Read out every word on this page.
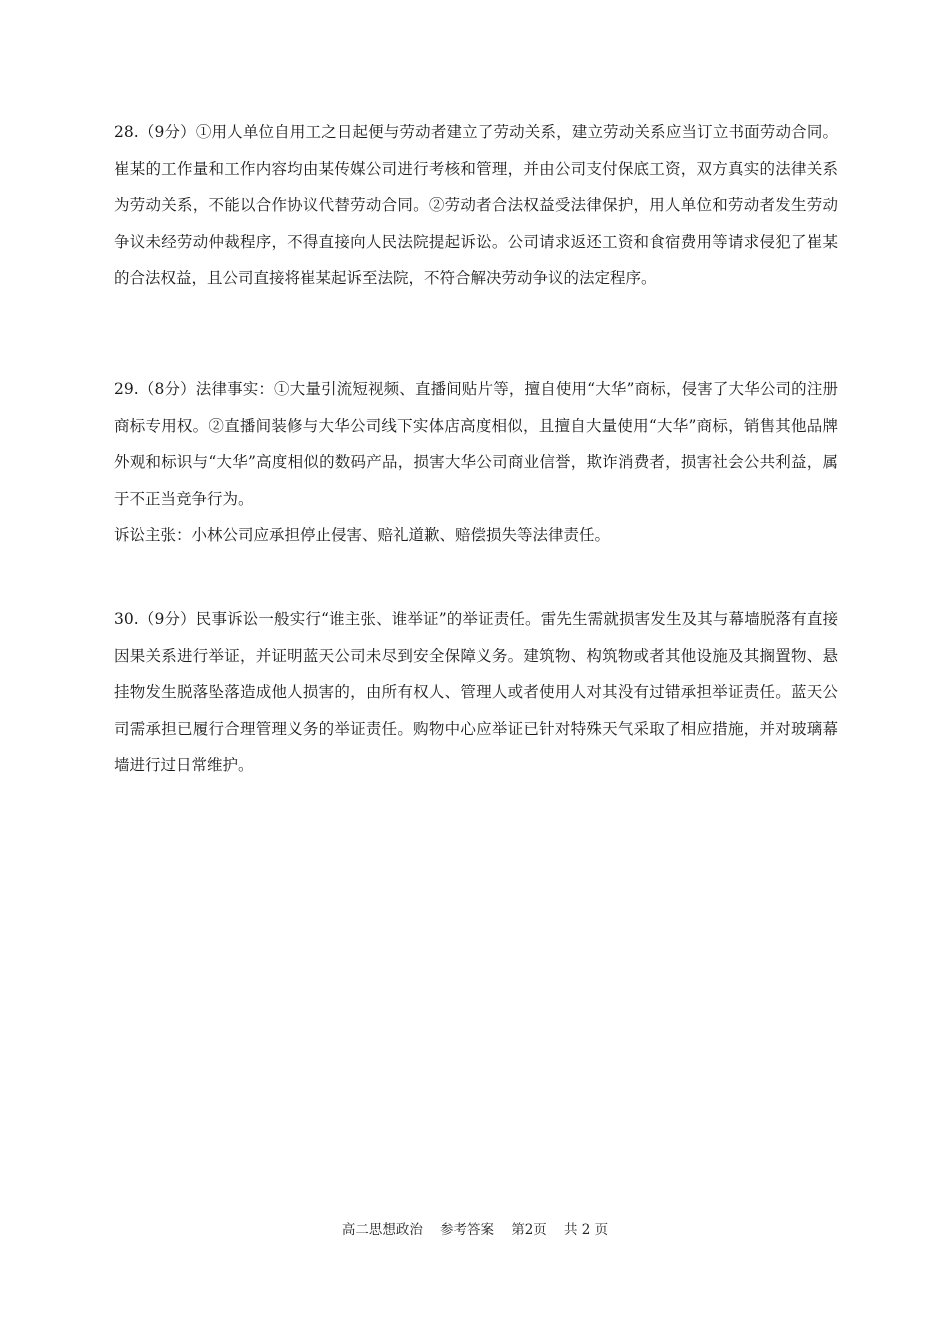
28.（9分）①用人单位自用工之日起便与劳动者建立了劳动关系，建立劳动关系应当订立书面劳动合同。崔某的工作量和工作内容均由某传媒公司进行考核和管理，并由公司支付保底工资，双方真实的法律关系为劳动关系，不能以合作协议代替劳动合同。②劳动者合法权益受法律保护，用人单位和劳动者发生劳动争议未经劳动仲裁程序，不得直接向人民法院提起诉讼。公司请求返还工资和食宿费用等请求侵犯了崔某的合法权益，且公司直接将崔某起诉至法院，不符合解决劳动争议的法定程序。

29.（8分）法律事实：①大量引流短视频、直播间贴片等，擅自使用“大华”商标，侵害了大华公司的注册商标专用权。②直播间装修与大华公司线下实体店高度相似，且擅自大量使用“大华”商标，销售其他品牌外观和标识与“大华”高度相似的数码产品，损害大华公司商业信誉，欺诈消费者，损害社会公共利益，属于不正当竞争行为。

诉讼主张：小林公司应承担停止侵害、赔礼道歉、赔偿损失等法律责任。

30.（9分）民事诉讼一般实行“谁主张、谁举证”的举证责任。雷先生需就损害发生及其与幕墙脱落有直接因果关系进行举证，并证明蓝天公司未尽到安全保障义务。建筑物、构筑物或者其他设施及其搁置物、悬挂物发生脱落坠落造成他人损害的，由所有权人、管理人或者使用人对其没有过错承担举证责任。蓝天公司需承担已履行合理管理义务的举证责任。购物中心应举证已针对特殊天气采取了相应措施，并对玻璃幕墙进行过日常维护。

高二思想政治    参考答案    第2页    共 2 页
